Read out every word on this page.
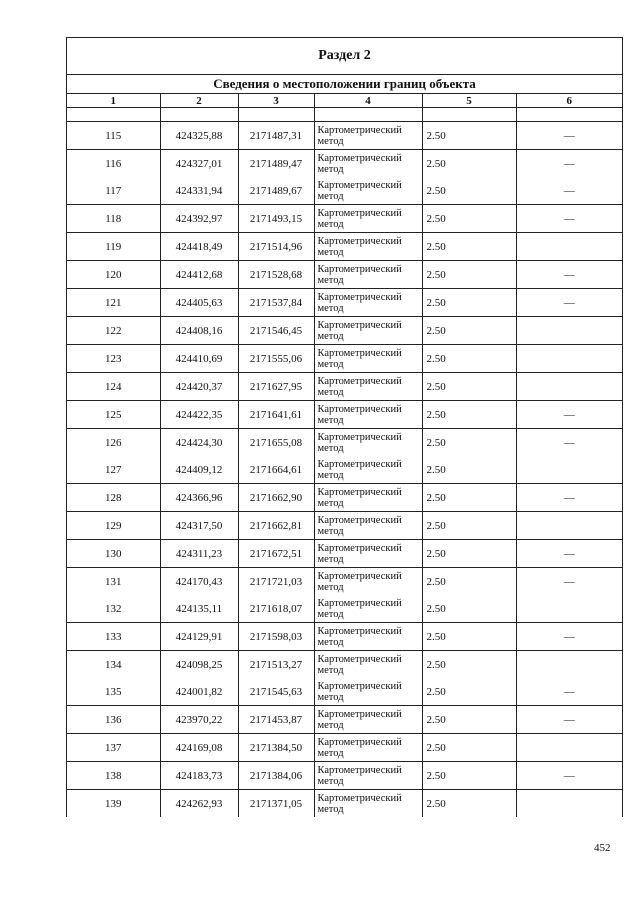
Раздел 2
Сведения о местоположении границ объекта
1	2	3	4	5	6

115	424325,88	2171487,31	Картометрический метод	2.50	—
116	424327,01	2171489,47	Картометрический метод	2.50	—
117	424331,94	2171489,67	Картометрический метод	2.50	—
118	424392,97	2171493,15	Картометрический метод	2.50	—
119	424418,49	2171514,96	Картометрический метод	2.50	
120	424412,68	2171528,68	Картометрический метод	2.50	—
121	424405,63	2171537,84	Картометрический метод	2.50	—
122	424408,16	2171546,45	Картометрический метод	2.50	
123	424410,69	2171555,06	Картометрический метод	2.50	
124	424420,37	2171627,95	Картометрический метод	2.50	
125	424422,35	2171641,61	Картометрический метод	2.50	—
126	424424,30	2171655,08	Картометрический метод	2.50	—
127	424409,12	2171664,61	Картометрический метод	2.50	
128	424366,96	2171662,90	Картометрический метод	2.50	—
129	424317,50	2171662,81	Картометрический метод	2.50	
130	424311,23	2171672,51	Картометрический метод	2.50	—
131	424170,43	2171721,03	Картометрический метод	2.50	—
132	424135,11	2171618,07	Картометрический метод	2.50	
133	424129,91	2171598,03	Картометрический метод	2.50	—
134	424098,25	2171513,27	Картометрический метод	2.50	
135	424001,82	2171545,63	Картометрический метод	2.50	—
136	423970,22	2171453,87	Картометрический метод	2.50	—
137	424169,08	2171384,50	Картометрический метод	2.50	
138	424183,73	2171384,06	Картометрический метод	2.50	—
139	424262,93	2171371,05	Картометрический метод	2.50	
452
